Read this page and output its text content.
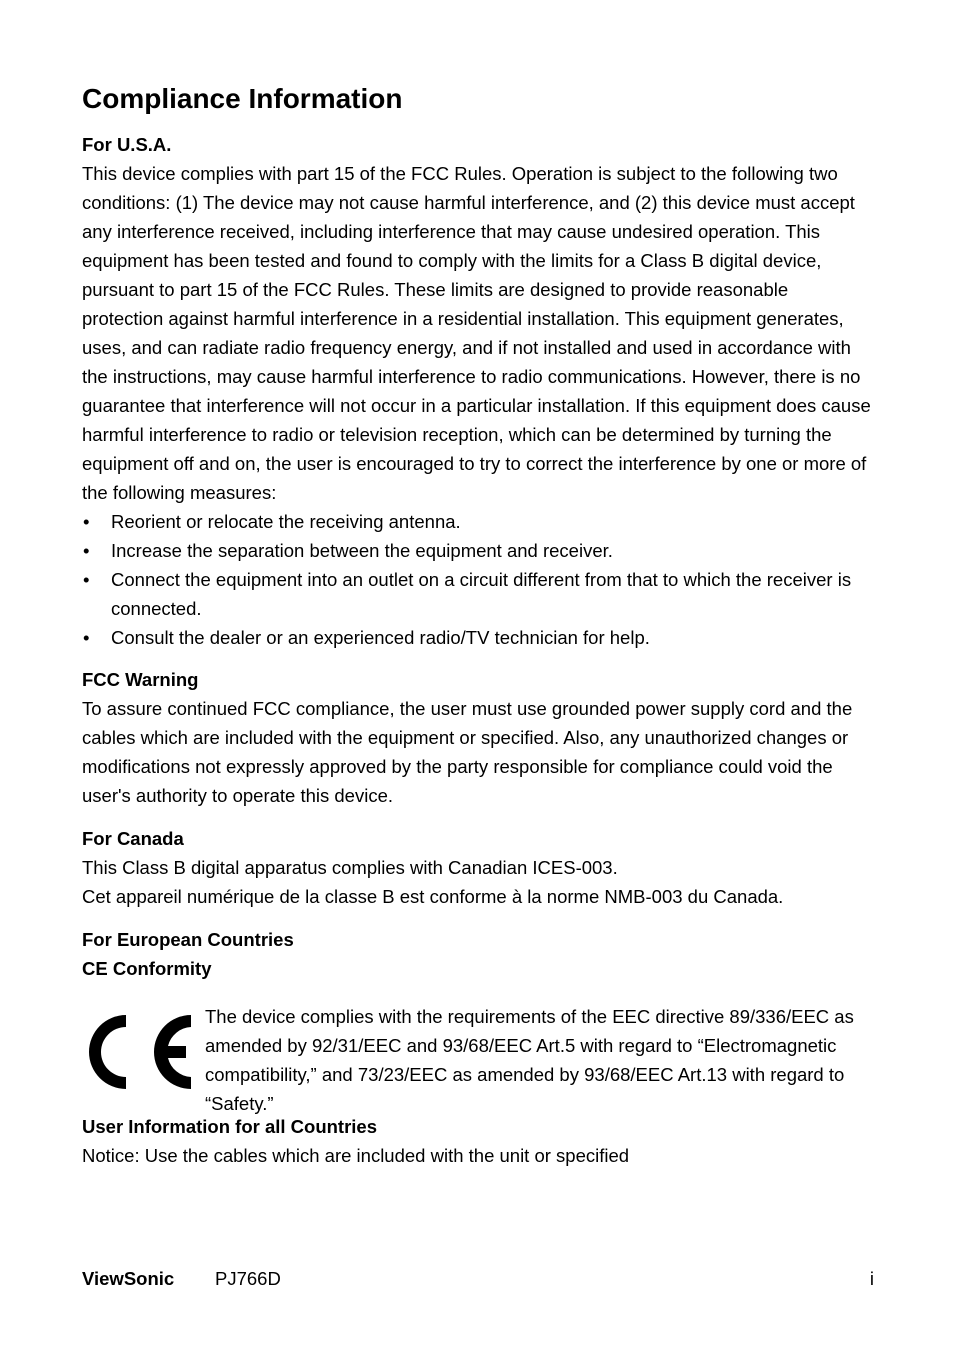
Compliance Information

For U.S.A.

This device complies with part 15 of the FCC Rules. Operation is subject to the following two conditions: (1) The device may not cause harmful interference, and (2) this device must accept any interference received, including interference that may cause undesired operation. This equipment has been tested and found to comply with the limits for a Class B digital device, pursuant to part 15 of the FCC Rules. These limits are designed to provide reasonable protection against harmful interference in a residential installation. This equipment generates, uses, and can radiate radio frequency energy, and if not installed and used in accordance with the instructions, may cause harmful interference to radio communications. However, there is no guarantee that interference will not occur in a particular installation. If this equipment does cause harmful interference to radio or television reception, which can be determined by turning the equipment off and on, the user is encouraged to try to correct the interference by one or more of the following measures:

• Reorient or relocate the receiving antenna.
• Increase the separation between the equipment and receiver.
• Connect the equipment into an outlet on a circuit different from that to which the receiver is connected.
• Consult the dealer or an experienced radio/TV technician for help.

FCC Warning

To assure continued FCC compliance, the user must use grounded power supply cord and the cables which are included with the equipment or specified. Also, any unauthorized changes or modifications not expressly approved by the party responsible for compliance could void the user's authority to operate this device.

For Canada

This Class B digital apparatus complies with Canadian ICES-003.

Cet appareil numérique de la classe B est conforme à la norme NMB-003 du Canada.

For European Countries

CE Conformity

The device complies with the requirements of the EEC directive 89/336/EEC as amended by 92/31/EEC and 93/68/EEC Art.5 with regard to “Electromagnetic compatibility,” and 73/23/EEC as amended by 93/68/EEC Art.13 with regard to “Safety.”

User Information for all Countries

Notice: Use the cables which are included with the unit or specified

ViewSonic PJ766D	i
